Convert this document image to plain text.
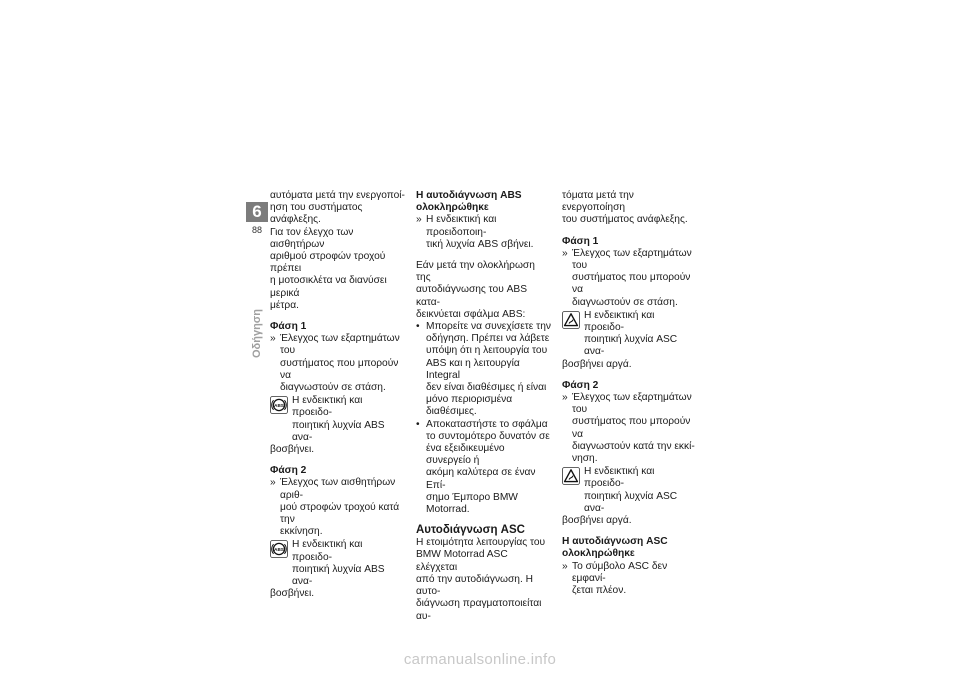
6
88
Οδήγηση

αυτόματα μετά την ενεργοποί-

ηση του συστήματος ανάφλεξης.

Για τον έλεγχο των αισθητήρων

αριθμού στροφών τροχού πρέπει

η μοτοσικλέτα να διανύσει μερικά

μέτρα.

Φάση 1

» Έλεγχος των εξαρτημάτων του

συστήματος που μπορούν να

διαγνωστούν σε στάση.

ABS Η ενδεικτική και προειδο-

ποιητική λυχνία ABS ανα-

βοσβήνει.

Φάση 2

» Έλεγχος των αισθητήρων αριθ-

μού στροφών τροχού κατά την

εκκίνηση.

ABS Η ενδεικτική και προειδο-

ποιητική λυχνία ABS ανα-

βοσβήνει.

Η αυτοδιάγνωση ABS

ολοκληρώθηκε

» Η ενδεικτική και προειδοποιη-

τική λυχνία ABS σβήνει.

Εάν μετά την ολοκλήρωση της

αυτοδιάγνωσης του ABS κατα-

δεικνύεται σφάλμα ABS:

• Μπορείτε να συνεχίσετε την

οδήγηση. Πρέπει να λάβετε

υπόψη ότι η λειτουργία του

ABS και η λειτουργία Integral

δεν είναι διαθέσιμες ή είναι

μόνο περιορισμένα διαθέσιμες.

• Αποκαταστήστε το σφάλμα

το συντομότερο δυνατόν σε

ένα εξειδικευμένο συνεργείο ή

ακόμη καλύτερα σε έναν Επί-

σημο Έμπορο BMW Motorrad.

Αυτοδιάγνωση ASC

Η ετοιμότητα λειτουργίας του

BMW Motorrad ASC ελέγχεται

από την αυτοδιάγνωση. Η αυτο-

διάγνωση πραγματοποιείται αυ-

τόματα μετά την ενεργοποίηση

του συστήματος ανάφλεξης.

Φάση 1

» Έλεγχος των εξαρτημάτων του

συστήματος που μπορούν να

διαγνωστούν σε στάση.

Η ενδεικτική και προειδο-

ποιητική λυχνία ASC ανα-

βοσβήνει αργά.

Φάση 2

» Έλεγχος των εξαρτημάτων του

συστήματος που μπορούν να

διαγνωστούν κατά την εκκί-

νηση.

Η ενδεικτική και προειδο-

ποιητική λυχνία ASC ανα-

βοσβήνει αργά.

Η αυτοδιάγνωση ASC

ολοκληρώθηκε

» Το σύμβολο ASC δεν εμφανί-

ζεται πλέον.

carmanualsonline.info
